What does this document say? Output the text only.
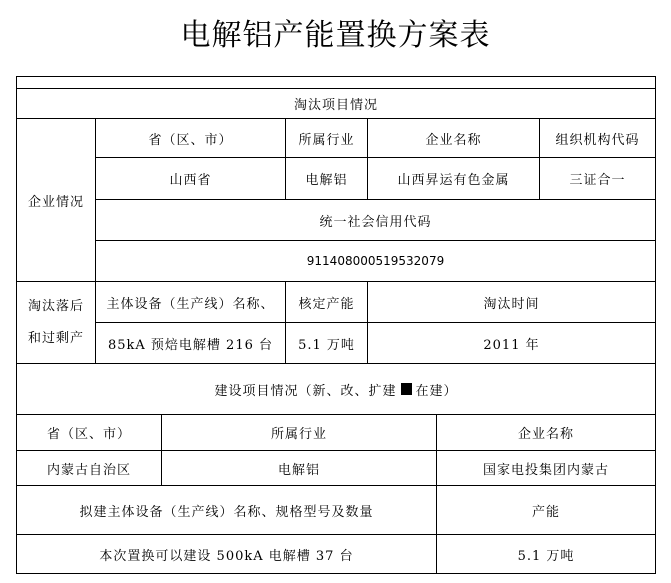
电解铝产能置换方案表
淘汰项目情况
企业情况
省（区、市）	所属行业	企业名称	组织机构代码
山西省	电解铝	山西昇运有色金属	三证合一
统一社会信用代码
911408000519532079
淘汰落后
和过剩产
主体设备（生产线）名称、	核定产能	淘汰时间
85kA 预焙电解槽 216 台	5.1 万吨	2011 年
建设项目情况（新、改、扩建 在建）
省（区、市）	所属行业	企业名称
内蒙古自治区	电解铝	国家电投集团内蒙古
拟建主体设备（生产线）名称、规格型号及数量	产能
本次置换可以建设 500kA 电解槽 37 台	5.1 万吨
